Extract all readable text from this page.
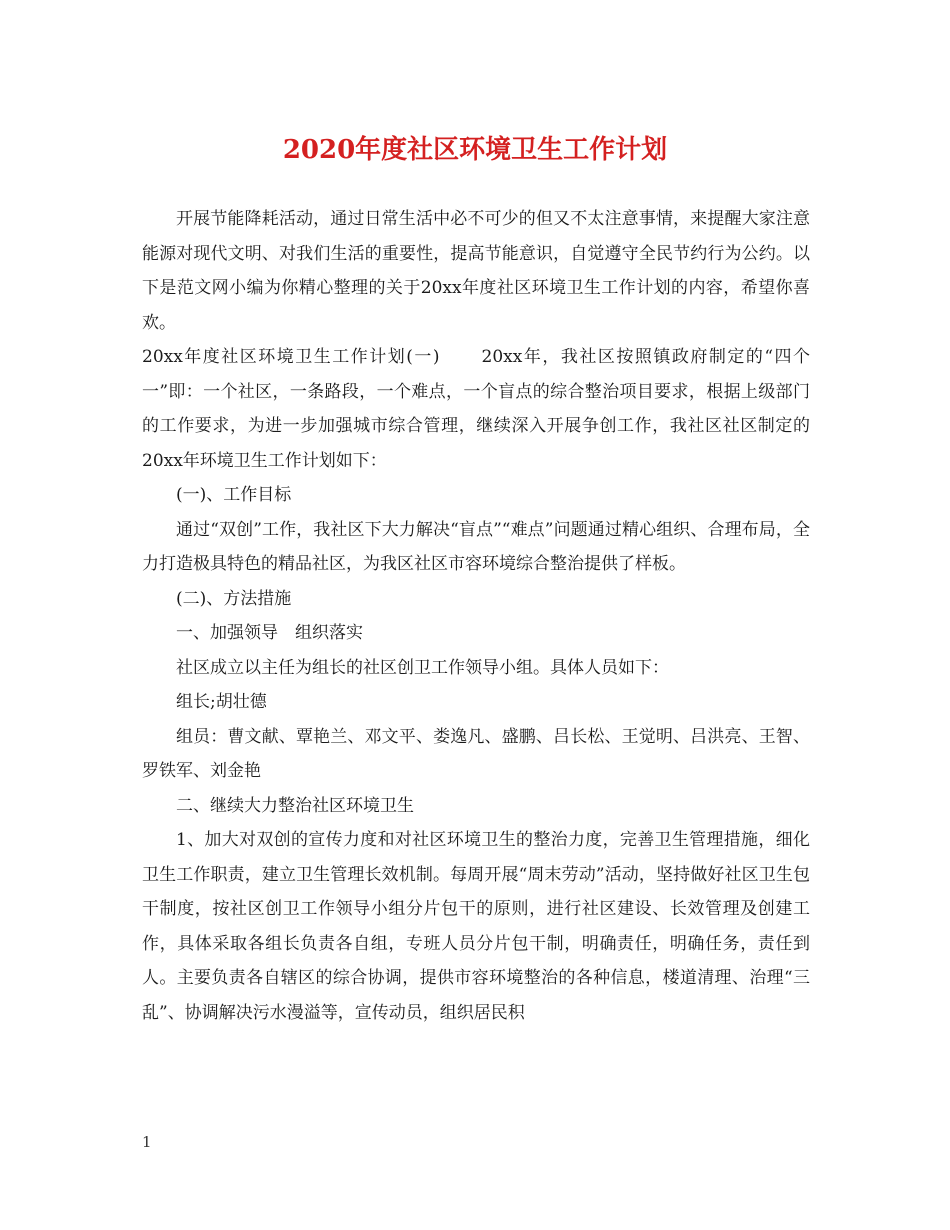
2020年度社区环境卫生工作计划

开展节能降耗活动，通过日常生活中必不可少的但又不太注意事情，来提醒大家注意能源对现代文明、对我们生活的重要性，提高节能意识，自觉遵守全民节约行为公约。以下是范文网小编为你精心整理的关于20xx年度社区环境卫生工作计划的内容，希望你喜欢。

20xx年度社区环境卫生工作计划(一) 20xx年，我社区按照镇政府制定的“四个一”即：一个社区，一条路段，一个难点，一个盲点的综合整治项目要求，根据上级部门的工作要求，为进一步加强城市综合管理，继续深入开展争创工作，我社区社区制定的20xx年环境卫生工作计划如下：

(一)、工作目标

通过“双创”工作，我社区下大力解决“盲点”“难点”问题通过精心组织、合理布局，全力打造极具特色的精品社区，为我区社区市容环境综合整治提供了样板。

(二)、方法措施

一、加强领导　组织落实

社区成立以主任为组长的社区创卫工作领导小组。具体人员如下：

组长;胡壮德

组员：曹文献、覃艳兰、邓文平、娄逸凡、盛鹏、吕长松、王觉明、吕洪亮、王智、罗铁军、刘金艳

二、继续大力整治社区环境卫生

1、加大对双创的宣传力度和对社区环境卫生的整治力度，完善卫生管理措施，细化卫生工作职责，建立卫生管理长效机制。每周开展“周末劳动”活动，坚持做好社区卫生包干制度，按社区创卫工作领导小组分片包干的原则，进行社区建设、长效管理及创建工作，具体采取各组长负责各自组，专班人员分片包干制，明确责任，明确任务，责任到人。主要负责各自辖区的综合协调，提供市容环境整治的各种信息，楼道清理、治理“三乱”、协调解决污水漫溢等，宣传动员，组织居民积

1
